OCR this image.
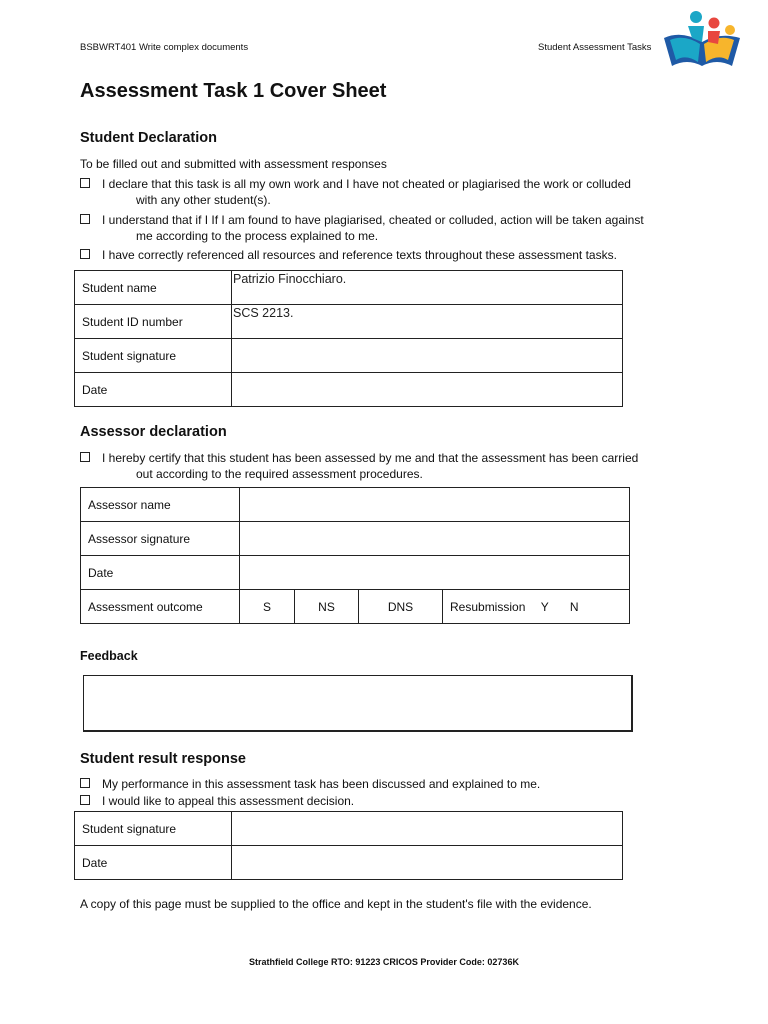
BSBWRT401 Write complex documents	Student Assessment Tasks
Assessment Task 1 Cover Sheet
Student Declaration
To be filled out and submitted with assessment responses
I declare that this task is all my own work and I have not cheated or plagiarised the work or colluded
with any other student(s).
I understand that if I If I am found to have plagiarised, cheated or colluded, action will be taken against
me according to the process explained to me.
I have correctly referenced all resources and reference texts throughout these assessment tasks.
Student name	Patrizio Finocchiaro.
Student ID number	SCS 2213.
Student signature	
Date	
Assessor declaration
I hereby certify that this student has been assessed by me and that the assessment has been carried
out according to the required assessment procedures.
Assessor name				
Assessor signature				
Date				
Assessment outcome	S	NS	DNS	Resubmission Y N
Feedback
Student result response
My performance in this assessment task has been discussed and explained to me.
I would like to appeal this assessment decision.
Student signature	
Date	
A copy of this page must be supplied to the office and kept in the student's file with the evidence.
Strathfield College RTO: 91223 CRICOS Provider Code: 02736K
